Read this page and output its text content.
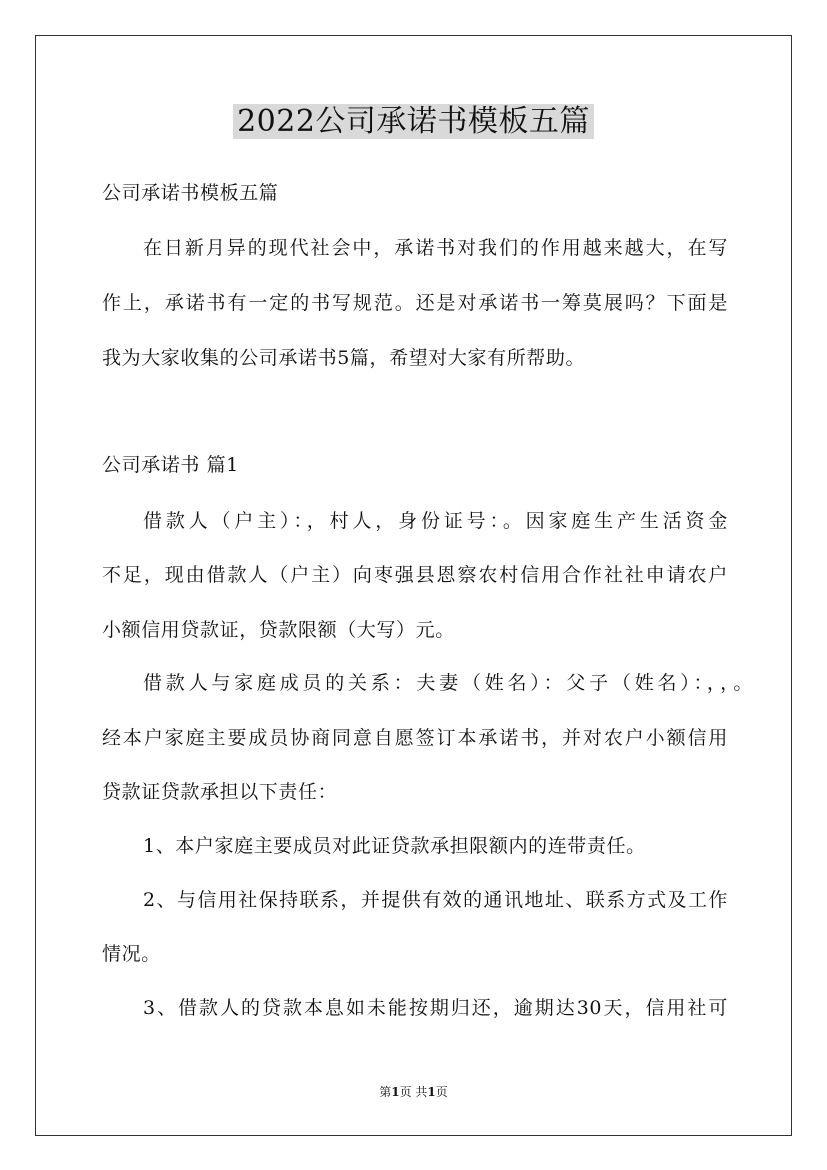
2022公司承诺书模板五篇
公司承诺书模板五篇
在日新月异的现代社会中，承诺书对我们的作用越来越大，在写
作上，承诺书有一定的书写规范。还是对承诺书一筹莫展吗？下面是
我为大家收集的公司承诺书5篇，希望对大家有所帮助。
公司承诺书 篇1
借款人（户主）：，村人，身份证号：。因家庭生产生活资金
不足，现由借款人（户主）向枣强县恩察农村信用合作社社申请农户
小额信用贷款证，贷款限额（大写）元。
借款人与家庭成员的关系：夫妻（姓名）：父子（姓名）：，，。
经本户家庭主要成员协商同意自愿签订本承诺书，并对农户小额信用
贷款证贷款承担以下责任：
1、本户家庭主要成员对此证贷款承担限额内的连带责任。
2、与信用社保持联系，并提供有效的通讯地址、联系方式及工作
情况。
3、借款人的贷款本息如未能按期归还，逾期达30天，信用社可
第1页 共1页
